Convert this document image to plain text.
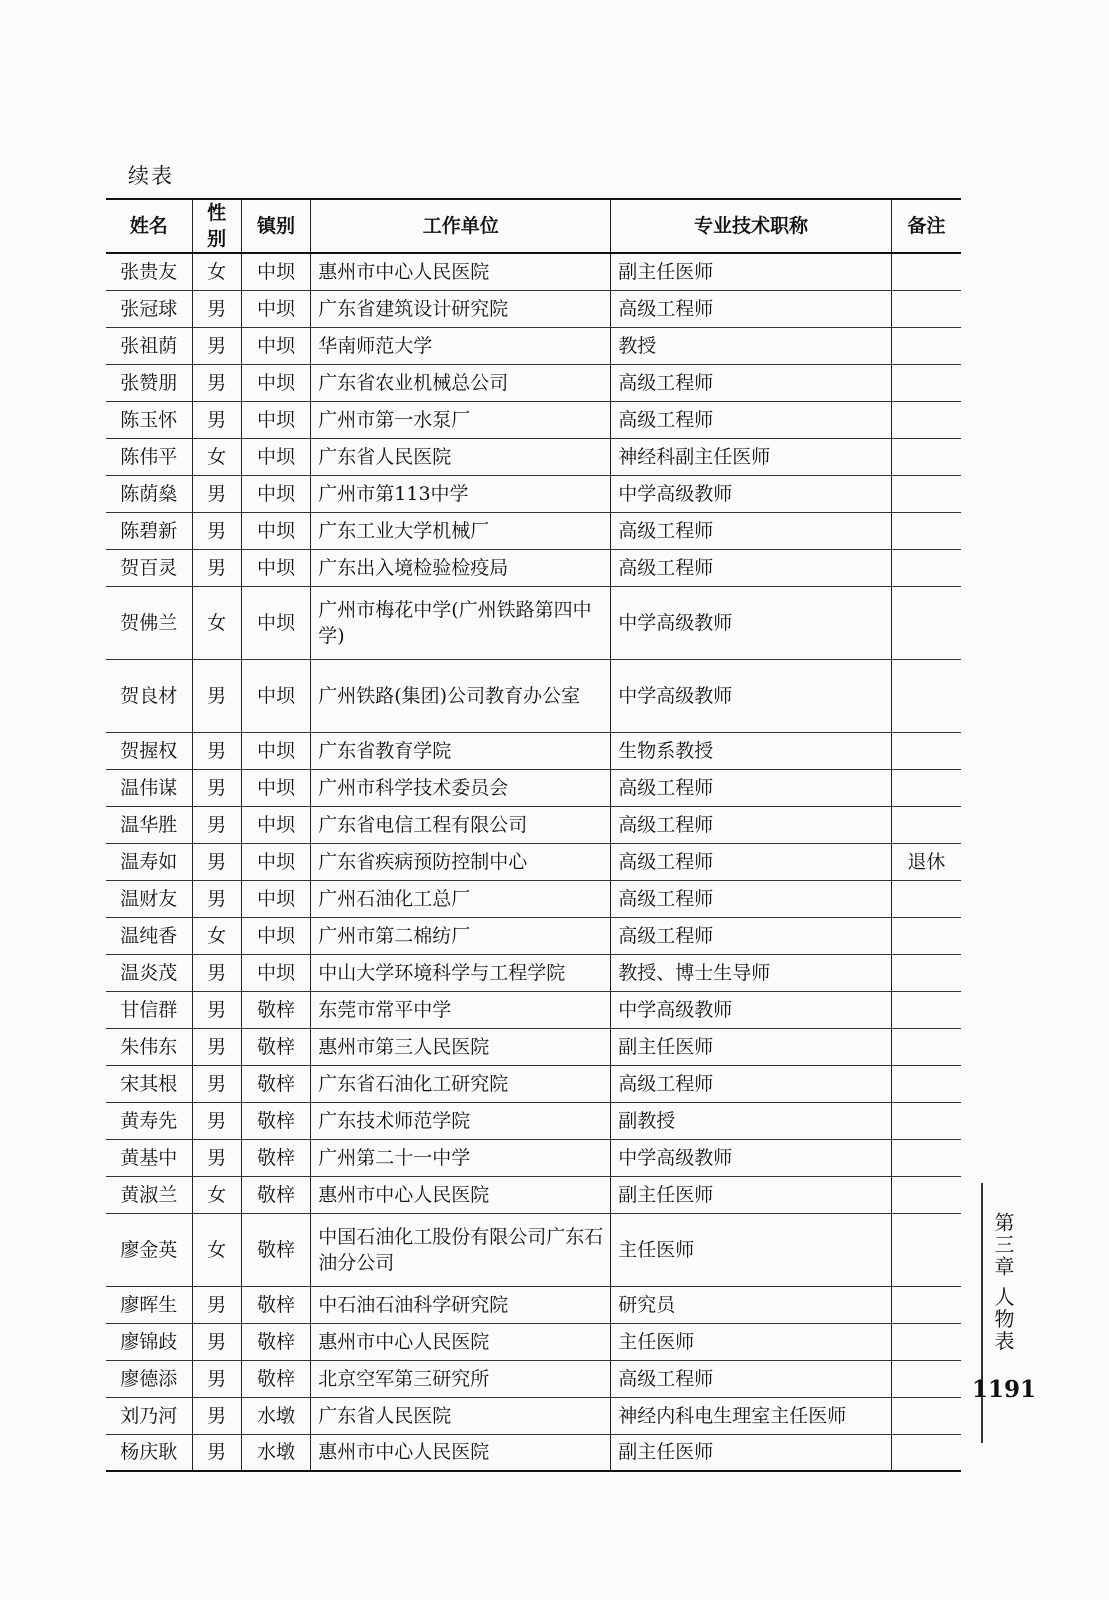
续表
姓名	性别	镇别	工作单位	专业技术职称	备注
张贵友	女	中坝	惠州市中心人民医院	副主任医师	
张冠球	男	中坝	广东省建筑设计研究院	高级工程师	
张祖荫	男	中坝	华南师范大学	教授	
张赞朋	男	中坝	广东省农业机械总公司	高级工程师	
陈玉怀	男	中坝	广州市第一水泵厂	高级工程师	
陈伟平	女	中坝	广东省人民医院	神经科副主任医师	
陈荫燊	男	中坝	广州市第113中学	中学高级教师	
陈碧新	男	中坝	广东工业大学机械厂	高级工程师	
贺百灵	男	中坝	广东出入境检验检疫局	高级工程师	
贺佛兰	女	中坝	广州市梅花中学(广州铁路第四中学)	中学高级教师	
贺良材	男	中坝	广州铁路(集团)公司教育办公室	中学高级教师	
贺握权	男	中坝	广东省教育学院	生物系教授	
温伟谋	男	中坝	广州市科学技术委员会	高级工程师	
温华胜	男	中坝	广东省电信工程有限公司	高级工程师	
温寿如	男	中坝	广东省疾病预防控制中心	高级工程师	退休
温财友	男	中坝	广州石油化工总厂	高级工程师	
温纯香	女	中坝	广州市第二棉纺厂	高级工程师	
温炎茂	男	中坝	中山大学环境科学与工程学院	教授、博士生导师	
甘信群	男	敬梓	东莞市常平中学	中学高级教师	
朱伟东	男	敬梓	惠州市第三人民医院	副主任医师	
宋其根	男	敬梓	广东省石油化工研究院	高级工程师	
黄寿先	男	敬梓	广东技术师范学院	副教授	
黄基中	男	敬梓	广州第二十一中学	中学高级教师	
黄淑兰	女	敬梓	惠州市中心人民医院	副主任医师	
廖金英	女	敬梓	中国石油化工股份有限公司广东石油分公司	主任医师	
廖晖生	男	敬梓	中石油石油科学研究院	研究员	
廖锦歧	男	敬梓	惠州市中心人民医院	主任医师	
廖德添	男	敬梓	北京空军第三研究所	高级工程师	
刘乃河	男	水墩	广东省人民医院	神经内科电生理室主任医师	
杨庆耿	男	水墩	惠州市中心人民医院	副主任医师	
第三章 人物表
1191
